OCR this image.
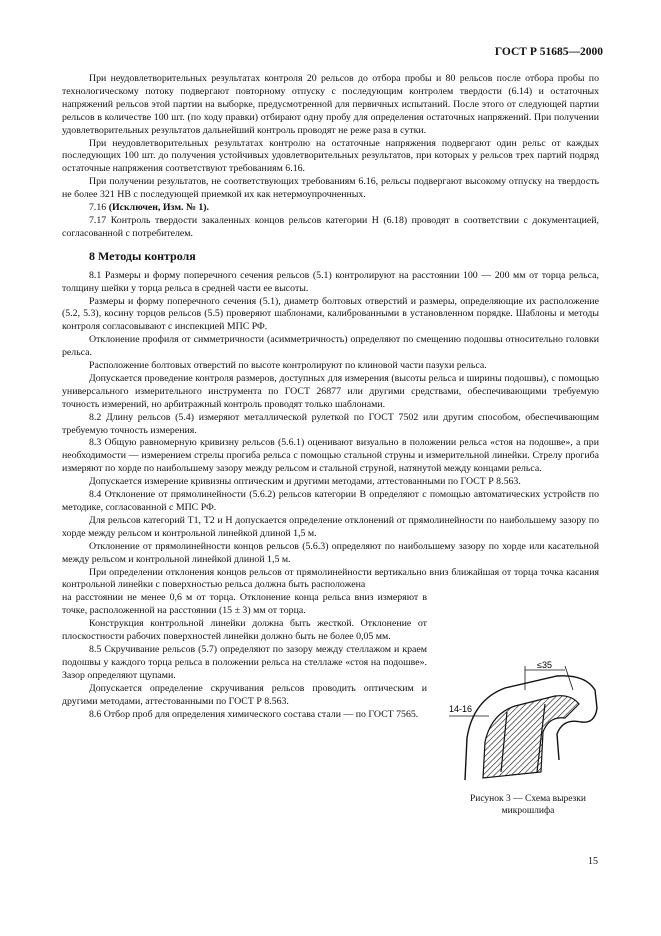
ГОСТ Р 51685—2000

При неудовлетворительных результатах контроля 20 рельсов до отбора пробы и 80 рельсов после отбора пробы по технологическому потоку подвергают повторному отпуску с последующим контролем твердости (6.14) и остаточных напряжений рельсов этой партии на выборке, предусмотренной для первичных испытаний. После этого от следующей партии рельсов в количестве 100 шт. (по ходу правки) отбирают одну пробу для определения остаточных напряжений. При получении удовлетворительных результатов дальнейший контроль проводят не реже раза в сутки.

При неудовлетворительных результатах контролю на остаточные напряжения подвергают один рельс от каждых последующих 100 шт. до получения устойчивых удовлетворительных результатов, при которых у рельсов трех партий подряд остаточные напряжения соответствуют требованиям 6.16.

При получении результатов, не соответствующих требованиям 6.16, рельсы подвергают высокому отпуску на твердость не более 321 НВ с последующей приемкой их как нетермоупрочненных.

7.16 (Исключен, Изм. № 1).

7.17 Контроль твердости закаленных концов рельсов категории Н (6.18) проводят в соответствии с документацией, согласованной с потребителем.

8 Методы контроля

8.1 Размеры и форму поперечного сечения рельсов (5.1) контролируют на расстоянии 100 — 200 мм от торца рельса, толщину шейки у торца рельса в средней части ее высоты.

Размеры и форму поперечного сечения (5.1), диаметр болтовых отверстий и размеры, определяющие их расположение (5.2, 5.3), косину торцов рельсов (5.5) проверяют шаблонами, калиброванными в установленном порядке. Шаблоны и методы контроля согласовывают с инспекцией МПС РФ.

Отклонение профиля от симметричности (асимметричность) определяют по смещению подошвы относительно головки рельса.

Расположение болтовых отверстий по высоте контролируют по клиновой части пазухи рельса.

Допускается проведение контроля размеров, доступных для измерения (высоты рельса и ширины подошвы), с помощью универсального измерительного инструмента по ГОСТ 26877 или другими средствами, обеспечивающими требуемую точность измерений, но арбитражный контроль проводят только шаблонами.

8.2 Длину рельсов (5.4) измеряют металлической рулеткой по ГОСТ 7502 или другим способом, обеспечивающим требуемую точность измерения.

8.3 Общую равномерную кривизну рельсов (5.6.1) оценивают визуально в положении рельса «стоя на подошве», а при необходимости — измерением стрелы прогиба рельса с помощью стальной струны и измерительной линейки. Стрелу прогиба измеряют по хорде по наибольшему зазору между рельсом и стальной струной, натянутой между концами рельса.

Допускается измерение кривизны оптическим и другими методами, аттестованными по ГОСТ Р 8.563.

8.4 Отклонение от прямолинейности (5.6.2) рельсов категории В определяют с помощью автоматических устройств по методике, согласованной с МПС РФ.

Для рельсов категорий Т1, Т2 и Н допускается определение отклонений от прямолинейности по наибольшему зазору по хорде между рельсом и контрольной линейкой длиной 1,5 м.

Отклонение от прямолинейности концов рельсов (5.6.3) определяют по наибольшему зазору по хорде или касательной между рельсом и контрольной линейкой длиной 1,5 м.

При определении отклонения концов рельсов от прямолинейности вертикально вниз ближайшая от торца точка касания контрольной линейки с поверхностью рельса должна быть расположена

на расстоянии не менее 0,6 м от торца. Отклонение конца рельса вниз измеряют в точке, расположенной на расстоянии (15 ± 3) мм от торца.

Конструкция контрольной линейки должна быть жесткой. Отклонение от плоскостности рабочих поверхностей линейки должно быть не более 0,05 мм.

8.5 Скручивание рельсов (5.7) определяют по зазору между стеллажом и краем подошвы у каждого торца рельса в положении рельса на стеллаже «стоя на подошве». Зазор определяют щупами.

Допускается определение скручивания рельсов проводить оптическим и другими методами, аттестованными по ГОСТ Р 8.563.

8.6 Отбор проб для определения химического состава стали — по ГОСТ 7565.

≤35
14-16
Рисунок 3 — Схема вырезки
микрошлифа
15
